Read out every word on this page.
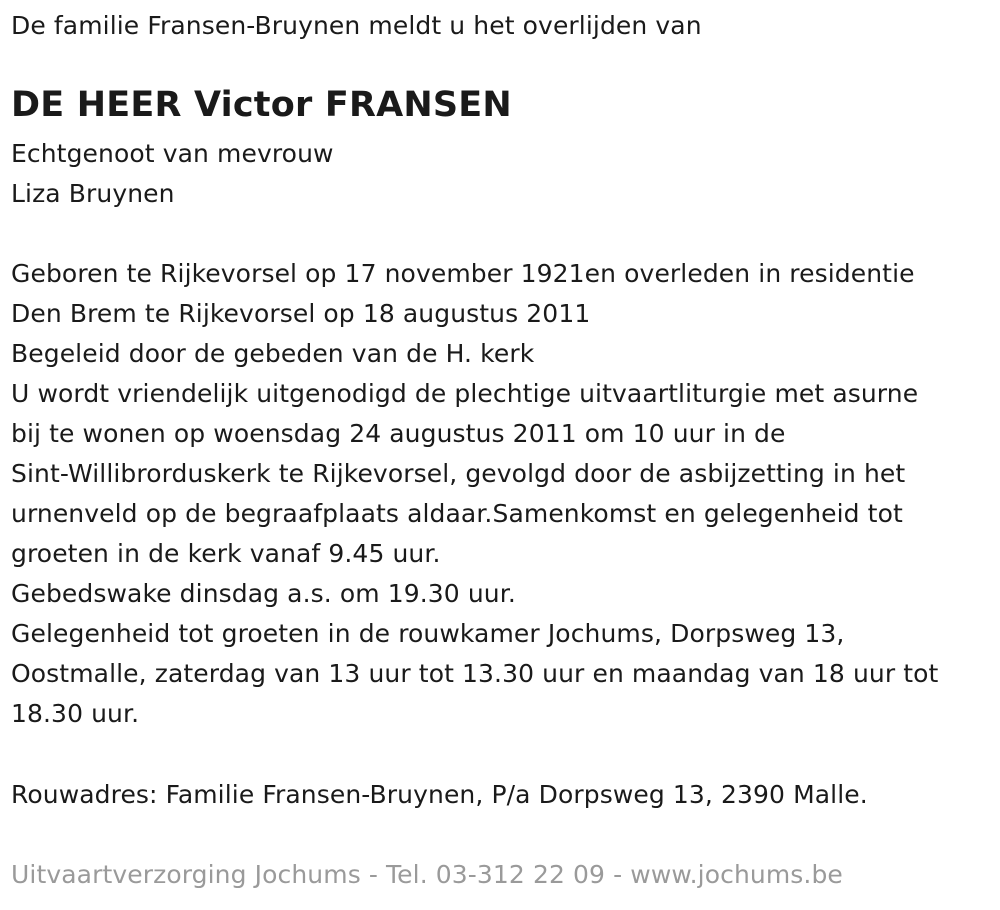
De familie Fransen-Bruynen meldt u het overlijden van
DE HEER Victor FRANSEN
Echtgenoot van mevrouw
Liza Bruynen
Geboren te Rijkevorsel op 17 november 1921en overleden in residentie
Den Brem te Rijkevorsel op 18 augustus 2011
Begeleid door de gebeden van de H. kerk
U wordt vriendelijk uitgenodigd de plechtige uitvaartliturgie met asurne
bij te wonen op woensdag 24 augustus 2011 om 10 uur in de
Sint-Willibrorduskerk te Rijkevorsel, gevolgd door de asbijzetting in het
urnenveld op de begraafplaats aldaar.Samenkomst en gelegenheid tot
groeten in de kerk vanaf 9.45 uur.
Gebedswake dinsdag a.s. om 19.30 uur.
Gelegenheid tot groeten in de rouwkamer Jochums, Dorpsweg 13,
Oostmalle, zaterdag van 13 uur tot 13.30 uur en maandag van 18 uur tot
18.30 uur.
Rouwadres: Familie Fransen-Bruynen, P/a Dorpsweg 13, 2390 Malle.
Uitvaartverzorging Jochums - Tel. 03-312 22 09 - www.jochums.be
